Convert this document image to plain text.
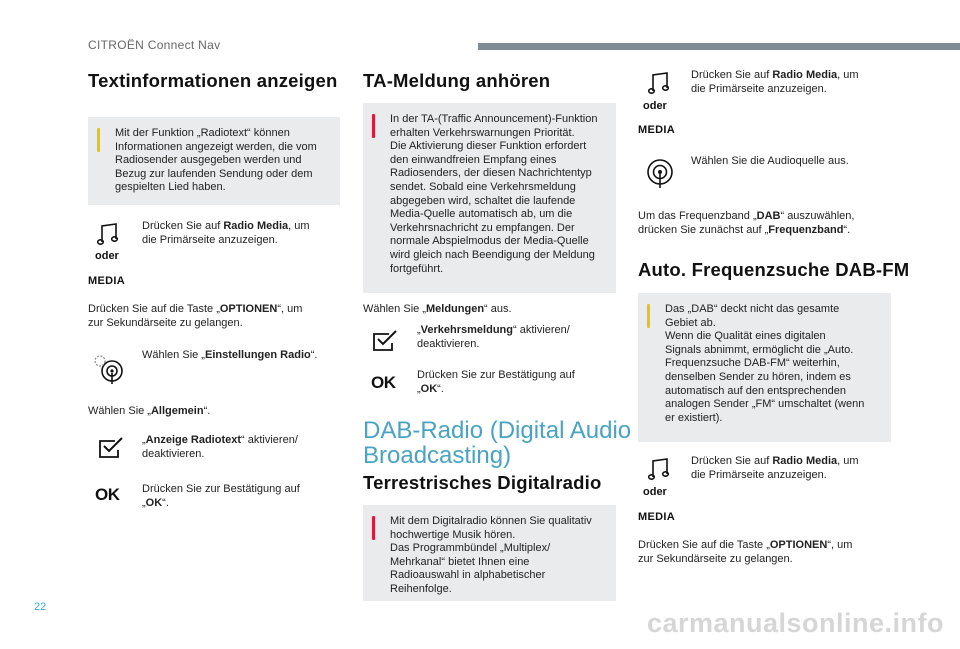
CITROËN Connect Nav
Textinformationen anzeigen
Mit der Funktion „Radiotext“ können
Informationen angezeigt werden, die vom
Radiosender ausgegeben werden und
Bezug zur laufenden Sendung oder dem
gespielten Lied haben.
oder
MEDIA
Drücken Sie auf Radio Media, um
die Primärseite anzuzeigen.
Drücken Sie auf die Taste „OPTIONEN“, um
zur Sekundärseite zu gelangen.
Wählen Sie „Einstellungen Radio“.
Wählen Sie „Allgemein“.
„Anzeige Radiotext“ aktivieren/
deaktivieren.
OK Drücken Sie zur Bestätigung auf
„OK“.
TA-Meldung anhören
In der TA-(Traffic Announcement)-Funktion
erhalten Verkehrswarnungen Priorität.
Die Aktivierung dieser Funktion erfordert
den einwandfreien Empfang eines
Radiosenders, der diesen Nachrichtentyp
sendet. Sobald eine Verkehrsmeldung
abgegeben wird, schaltet die laufende
Media-Quelle automatisch ab, um die
Verkehrsnachricht zu empfangen. Der
normale Abspielmodus der Media-Quelle
wird gleich nach Beendigung der Meldung
fortgeführt.
Wählen Sie „Meldungen“ aus.
„Verkehrsmeldung“ aktivieren/
deaktivieren.
OK Drücken Sie zur Bestätigung auf
„OK“.
DAB-Radio (Digital Audio
Broadcasting)
Terrestrisches Digitalradio
Mit dem Digitalradio können Sie qualitativ
hochwertige Musik hören.
Das Programmbündel „Multiplex/
Mehrkanal“ bietet Ihnen eine
Radioauswahl in alphabetischer
Reihenfolge.
oder
MEDIA
Drücken Sie auf Radio Media, um
die Primärseite anzuzeigen.
Wählen Sie die Audioquelle aus.
Um das Frequenzband „DAB“ auszuwählen,
drücken Sie zunächst auf „Frequenzband“.
Auto. Frequenzsuche DAB-FM
Das „DAB“ deckt nicht das gesamte
Gebiet ab.
Wenn die Qualität eines digitalen
Signals abnimmt, ermöglicht die „Auto.
Frequenzsuche DAB-FM“ weiterhin,
denselben Sender zu hören, indem es
automatisch auf den entsprechenden
analogen Sender „FM“ umschaltet (wenn
er existiert).
oder
MEDIA
Drücken Sie auf Radio Media, um
die Primärseite anzuzeigen.
Drücken Sie auf die Taste „OPTIONEN“, um
zur Sekundärseite zu gelangen.
22
carmanualsonline.info
